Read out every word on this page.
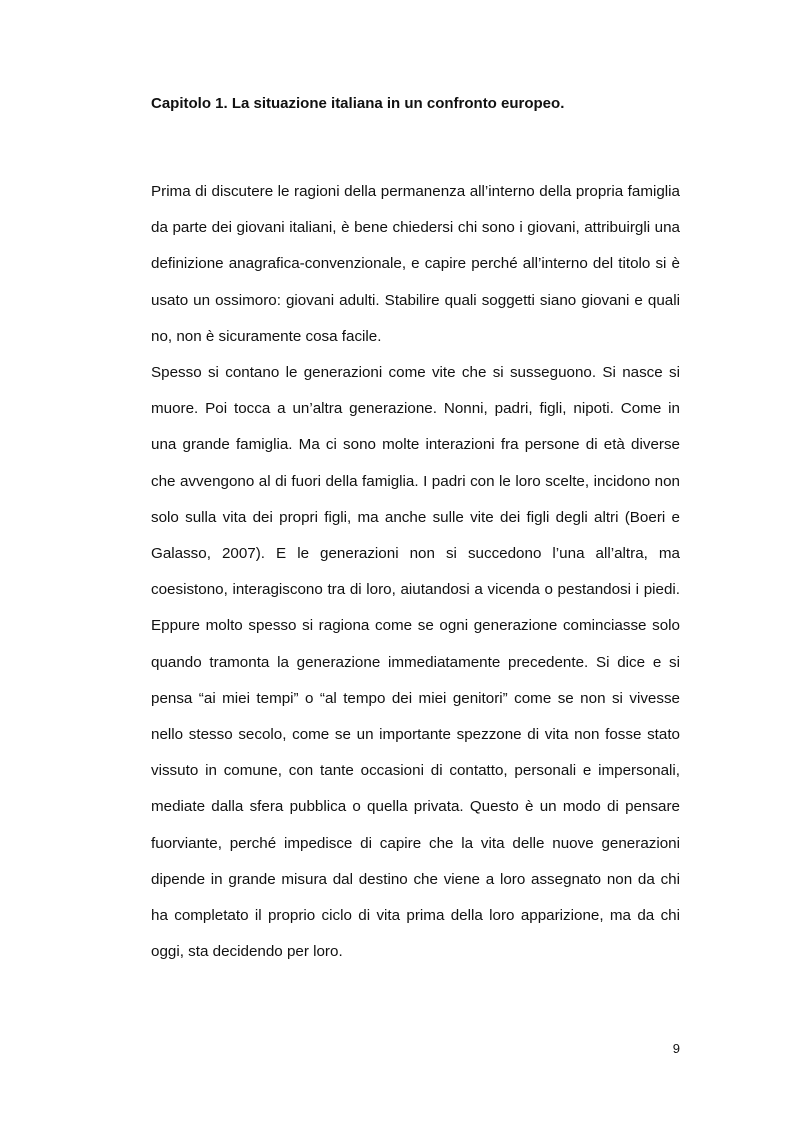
Capitolo 1. La situazione italiana in un confronto europeo.

Prima di discutere le ragioni della permanenza all’interno della propria famiglia da parte dei giovani italiani, è bene chiedersi chi sono i giovani, attribuirgli una definizione anagrafica-convenzionale, e capire perché all’interno del titolo si è usato un ossimoro: giovani adulti. Stabilire quali soggetti siano giovani e quali no, non è sicuramente cosa facile.

Spesso si contano le generazioni come vite che si susseguono. Si nasce si muore. Poi tocca a un’altra generazione. Nonni, padri, figli, nipoti. Come in una grande famiglia. Ma ci sono molte interazioni fra persone di età diverse che avvengono al di fuori della famiglia. I padri con le loro scelte, incidono non solo sulla vita dei propri figli, ma anche sulle vite dei figli degli altri (Boeri e Galasso, 2007). E le generazioni non si succedono l’una all’altra, ma coesistono, interagiscono tra di loro, aiutandosi a vicenda o pestandosi i piedi. Eppure molto spesso si ragiona come se ogni generazione cominciasse solo quando tramonta la generazione immediatamente precedente. Si dice e si pensa “ai miei tempi” o “al tempo dei miei genitori” come se non si vivesse nello stesso secolo, come se un importante spezzone di vita non fosse stato vissuto in comune, con tante occasioni di contatto, personali e impersonali, mediate dalla sfera pubblica o quella privata. Questo è un modo di pensare fuorviante, perché impedisce di capire che la vita delle nuove generazioni dipende in grande misura dal destino che viene a loro assegnato non da chi ha completato il proprio ciclo di vita prima della loro apparizione, ma da chi oggi, sta decidendo per loro.

9
